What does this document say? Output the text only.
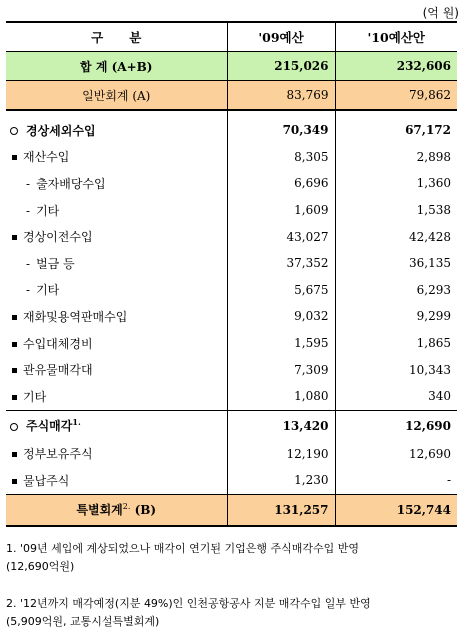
(억 원)
구      분	'09예산	'10예산안
합 계 (A+B)	215,026	232,606
일반회계 (A)	83,769	79,862
경상세외수입	70,349	67,172
재산수입	8,305	2,898
- 출자배당수입	6,696	1,360
- 기타	1,609	1,538
경상이전수입	43,027	42,428
- 벌금 등	37,352	36,135
- 기타	5,675	6,293
재화및용역판매수입	9,032	9,299
수입대체경비	1,595	1,865
관유물매각대	7,309	10,343
기타	1,080	340
주식매각$^{1.}$	13,420	12,690
정부보유주식	12,190	12,690
물납주식	1,230	-
특별회계$^{2.}$ (B)	131,257	152,744
1. '09년 세입에 계상되었으나 매각이 연기된 기업은행 주식매각수입 반영
(12,690억원)
2. '12년까지 매각예정(지분 49%)인 인천공항공사 지분 매각수입 일부 반영
(5,909억원, 교통시설특별회계)
